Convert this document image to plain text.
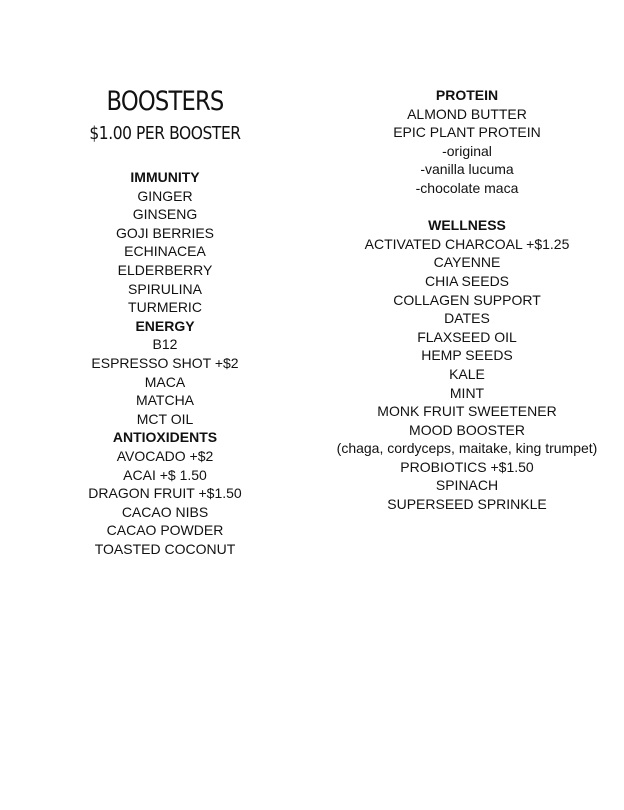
BOOSTERS
$1.00 PER BOOSTER
IMMUNITY
GINGER
GINSENG
GOJI BERRIES
ECHINACEA
ELDERBERRY
SPIRULINA
TURMERIC
ENERGY
B12
ESPRESSO SHOT +$2
MACA
MATCHA
MCT OIL
ANTIOXIDENTS
AVOCADO +$2
ACAI +$ 1.50
DRAGON FRUIT +$1.50
CACAO NIBS
CACAO POWDER
TOASTED COCONUT
PROTEIN
ALMOND BUTTER
EPIC PLANT PROTEIN
-original
-vanilla lucuma
-chocolate maca
WELLNESS
ACTIVATED CHARCOAL +$1.25
CAYENNE
CHIA SEEDS
COLLAGEN SUPPORT
DATES
FLAXSEED OIL
HEMP SEEDS
KALE
MINT
MONK FRUIT SWEETENER
MOOD BOOSTER
(chaga, cordyceps, maitake, king trumpet)
PROBIOTICS +$1.50
SPINACH
SUPERSEED SPRINKLE
